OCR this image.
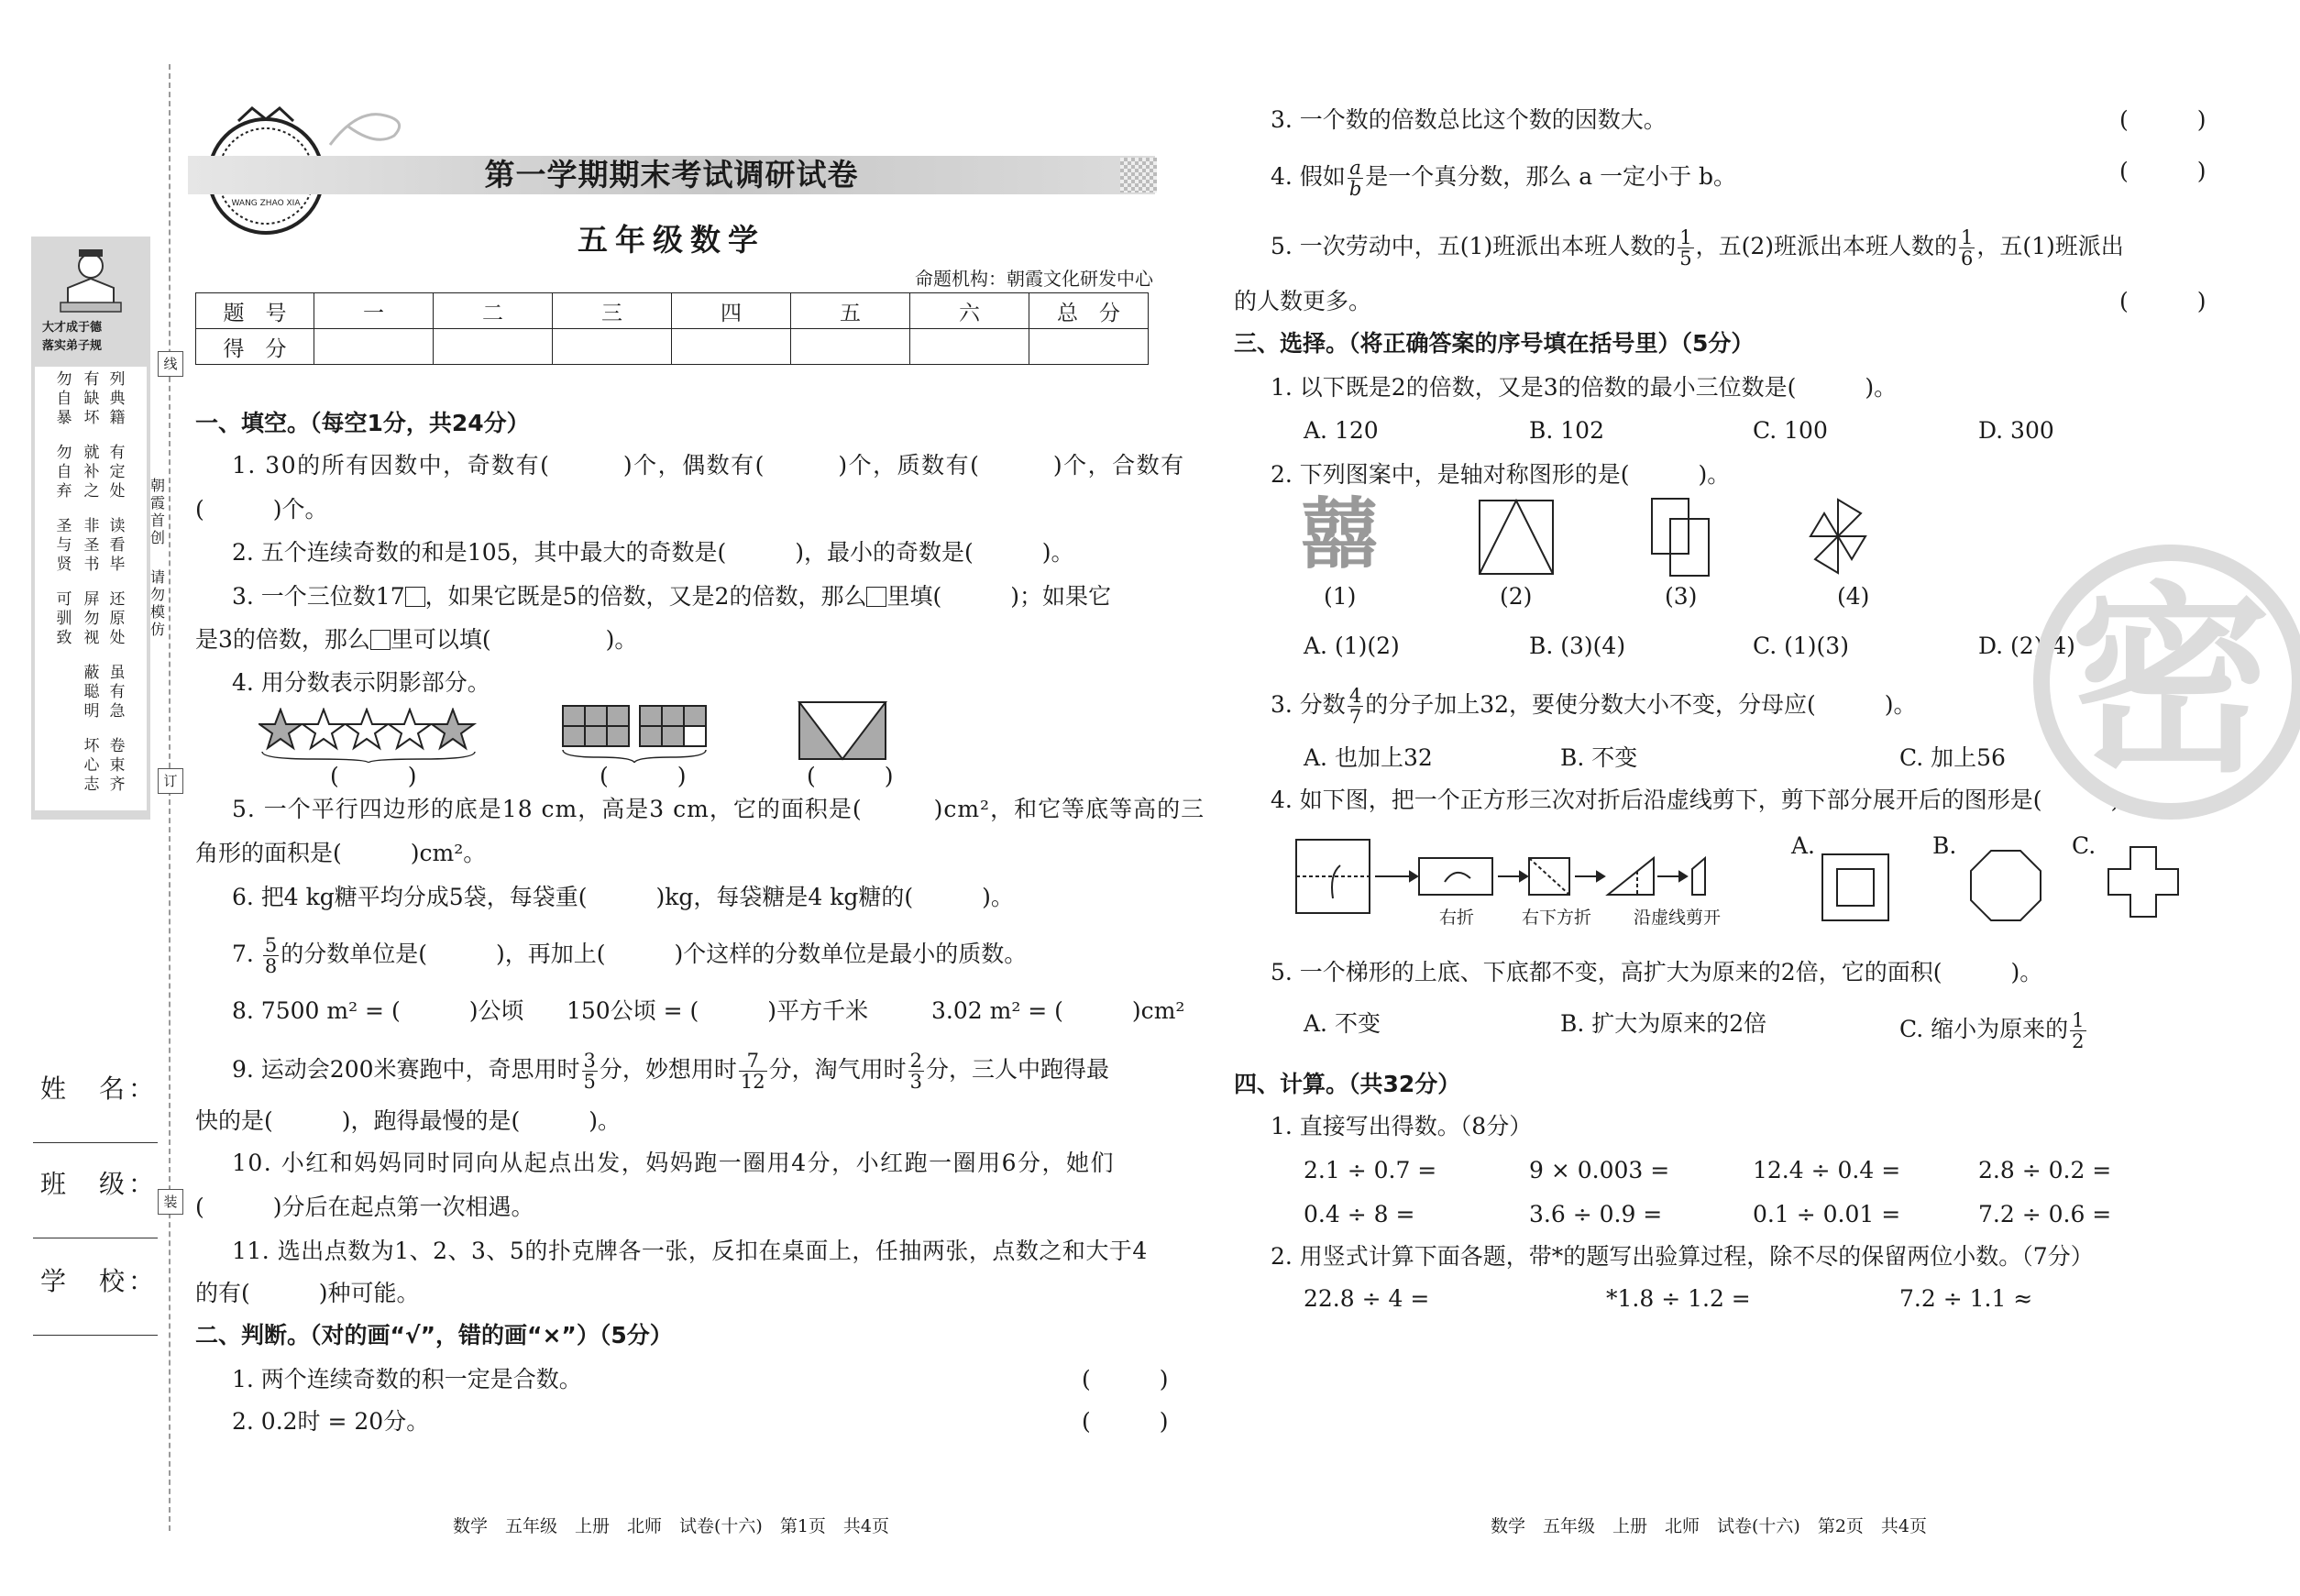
大才成于德
落实弟子规
列典籍
有定处
读看毕
还原处
虽有急
卷束齐
有缺坏
就补之
非圣书
屏勿视
蔽聪明
坏心志
勿自暴
勿自弃
圣与贤
可驯致
线
订
装
朝霞首创
请勿模仿
姓　名：
班　级：
学　校：
WANG ZHAO XIA
第一学期期末考试调研试卷
五年级数学
命题机构：朝霞文化研发中心
题　号	一	二	三	四	五	六	总　分
得　分							
一、填空。（每空1分，共24分）
1. 30的所有因数中，奇数有(　　　)个，偶数有(　　　)个，质数有(　　　)个，合数有
(　　　)个。
2. 五个连续奇数的和是105，其中最大的奇数是(　　　)，最小的奇数是(　　　)。
3. 一个三位数17 ，如果它既是5的倍数，又是2的倍数，那么 里填(　　　)；如果它
是3的倍数，那么 里可以填(　　　　　)。
4. 用分数表示阴影部分。
(　　　)	(　　　)	(　　　)
5. 一个平行四边形的底是18 cm，高是3 cm，它的面积是(　　　)cm²，和它等底等高的三
角形的面积是(　　　)cm²。
6. 把4 kg糖平均分成5袋，每袋重(　　　)kg，每袋糖是4 kg糖的(　　　)。
7. $\frac{5}{8}$ 的分数单位是(　　　)，再加上(　　　)个这样的分数单位是最小的质数。
8. 7500 m² = (　　　)公顷 150公顷 = (　　　)平方千米	3.02 m² = (　　　)cm²
9. 运动会200米赛跑中，奇思用时 $\frac{3}{5}$ 分，妙想用时 $\frac{7}{12}$ 分，淘气用时 $\frac{2}{3}$ 分，三人中跑得最
快的是(　　　)，跑得最慢的是(　　　)。
10. 小红和妈妈同时同向从起点出发，妈妈跑一圈用4分，小红跑一圈用6分，她们
(　　　)分后在起点第一次相遇。
11. 选出点数为1、2、3、5的扑克牌各一张，反扣在桌面上，任抽两张，点数之和大于4
的有(　　　)种可能。
二、判断。（对的画“√”，错的画“×”）（5分）
1. 两个连续奇数的积一定是合数。	(　　　)
2. 0.2时 = 20分。	(　　　)
数学　五年级　上册　北师　试卷(十六)　第1页　共4页
3. 一个数的倍数总比这个数的因数大。	(　　　)
4. 假如 $\frac{a}{b}$ 是一个真分数，那么 a 一定小于 b。	(　　　)
5. 一次劳动中，五(1)班派出本班人数的 $\frac{1}{5}$ ，五(2)班派出本班人数的 $\frac{1}{6}$ ，五(1)班派出
的人数更多。	(　　　)
三、选择。（将正确答案的序号填在括号里）（5分）
1. 以下既是2的倍数，又是3的倍数的最小三位数是(　　　)。
A. 120	B. 102	C. 100	D. 300
2. 下列图案中，是轴对称图形的是(　　　)。
囍
(1)	(2)	(3)	(4)
A. (1)(2)	B. (3)(4)	C. (1)(3)	D. (2)(4)
3. 分数 $\frac{4}{7}$ 的分子加上32，要使分数大小不变，分母应(　　　)。
A. 也加上32	B. 不变	C. 加上56
4. 如下图，把一个正方形三次对折后沿虚线剪下，剪下部分展开后的图形是(　　　)。
右折	右下方折 沿虚线剪开
A.	B.	C.
5. 一个梯形的上底、下底都不变，高扩大为原来的2倍，它的面积(　　　)。
A. 不变	B. 扩大为原来的2倍	C. 缩小为原来的 $\frac{1}{2}$
四、计算。（共32分）
1. 直接写出得数。（8分）
2.1 ÷ 0.7 =	9 × 0.003 =	12.4 ÷ 0.4 =	2.8 ÷ 0.2 =
0.4 ÷ 8 =	3.6 ÷ 0.9 =	0.1 ÷ 0.01 =	7.2 ÷ 0.6 =
2. 用竖式计算下面各题，带*的题写出验算过程，除不尽的保留两位小数。（7分）
22.8 ÷ 4 =	*1.8 ÷ 1.2 =	7.2 ÷ 1.1 ≈
密
数学　五年级　上册　北师　试卷(十六)　第2页　共4页
